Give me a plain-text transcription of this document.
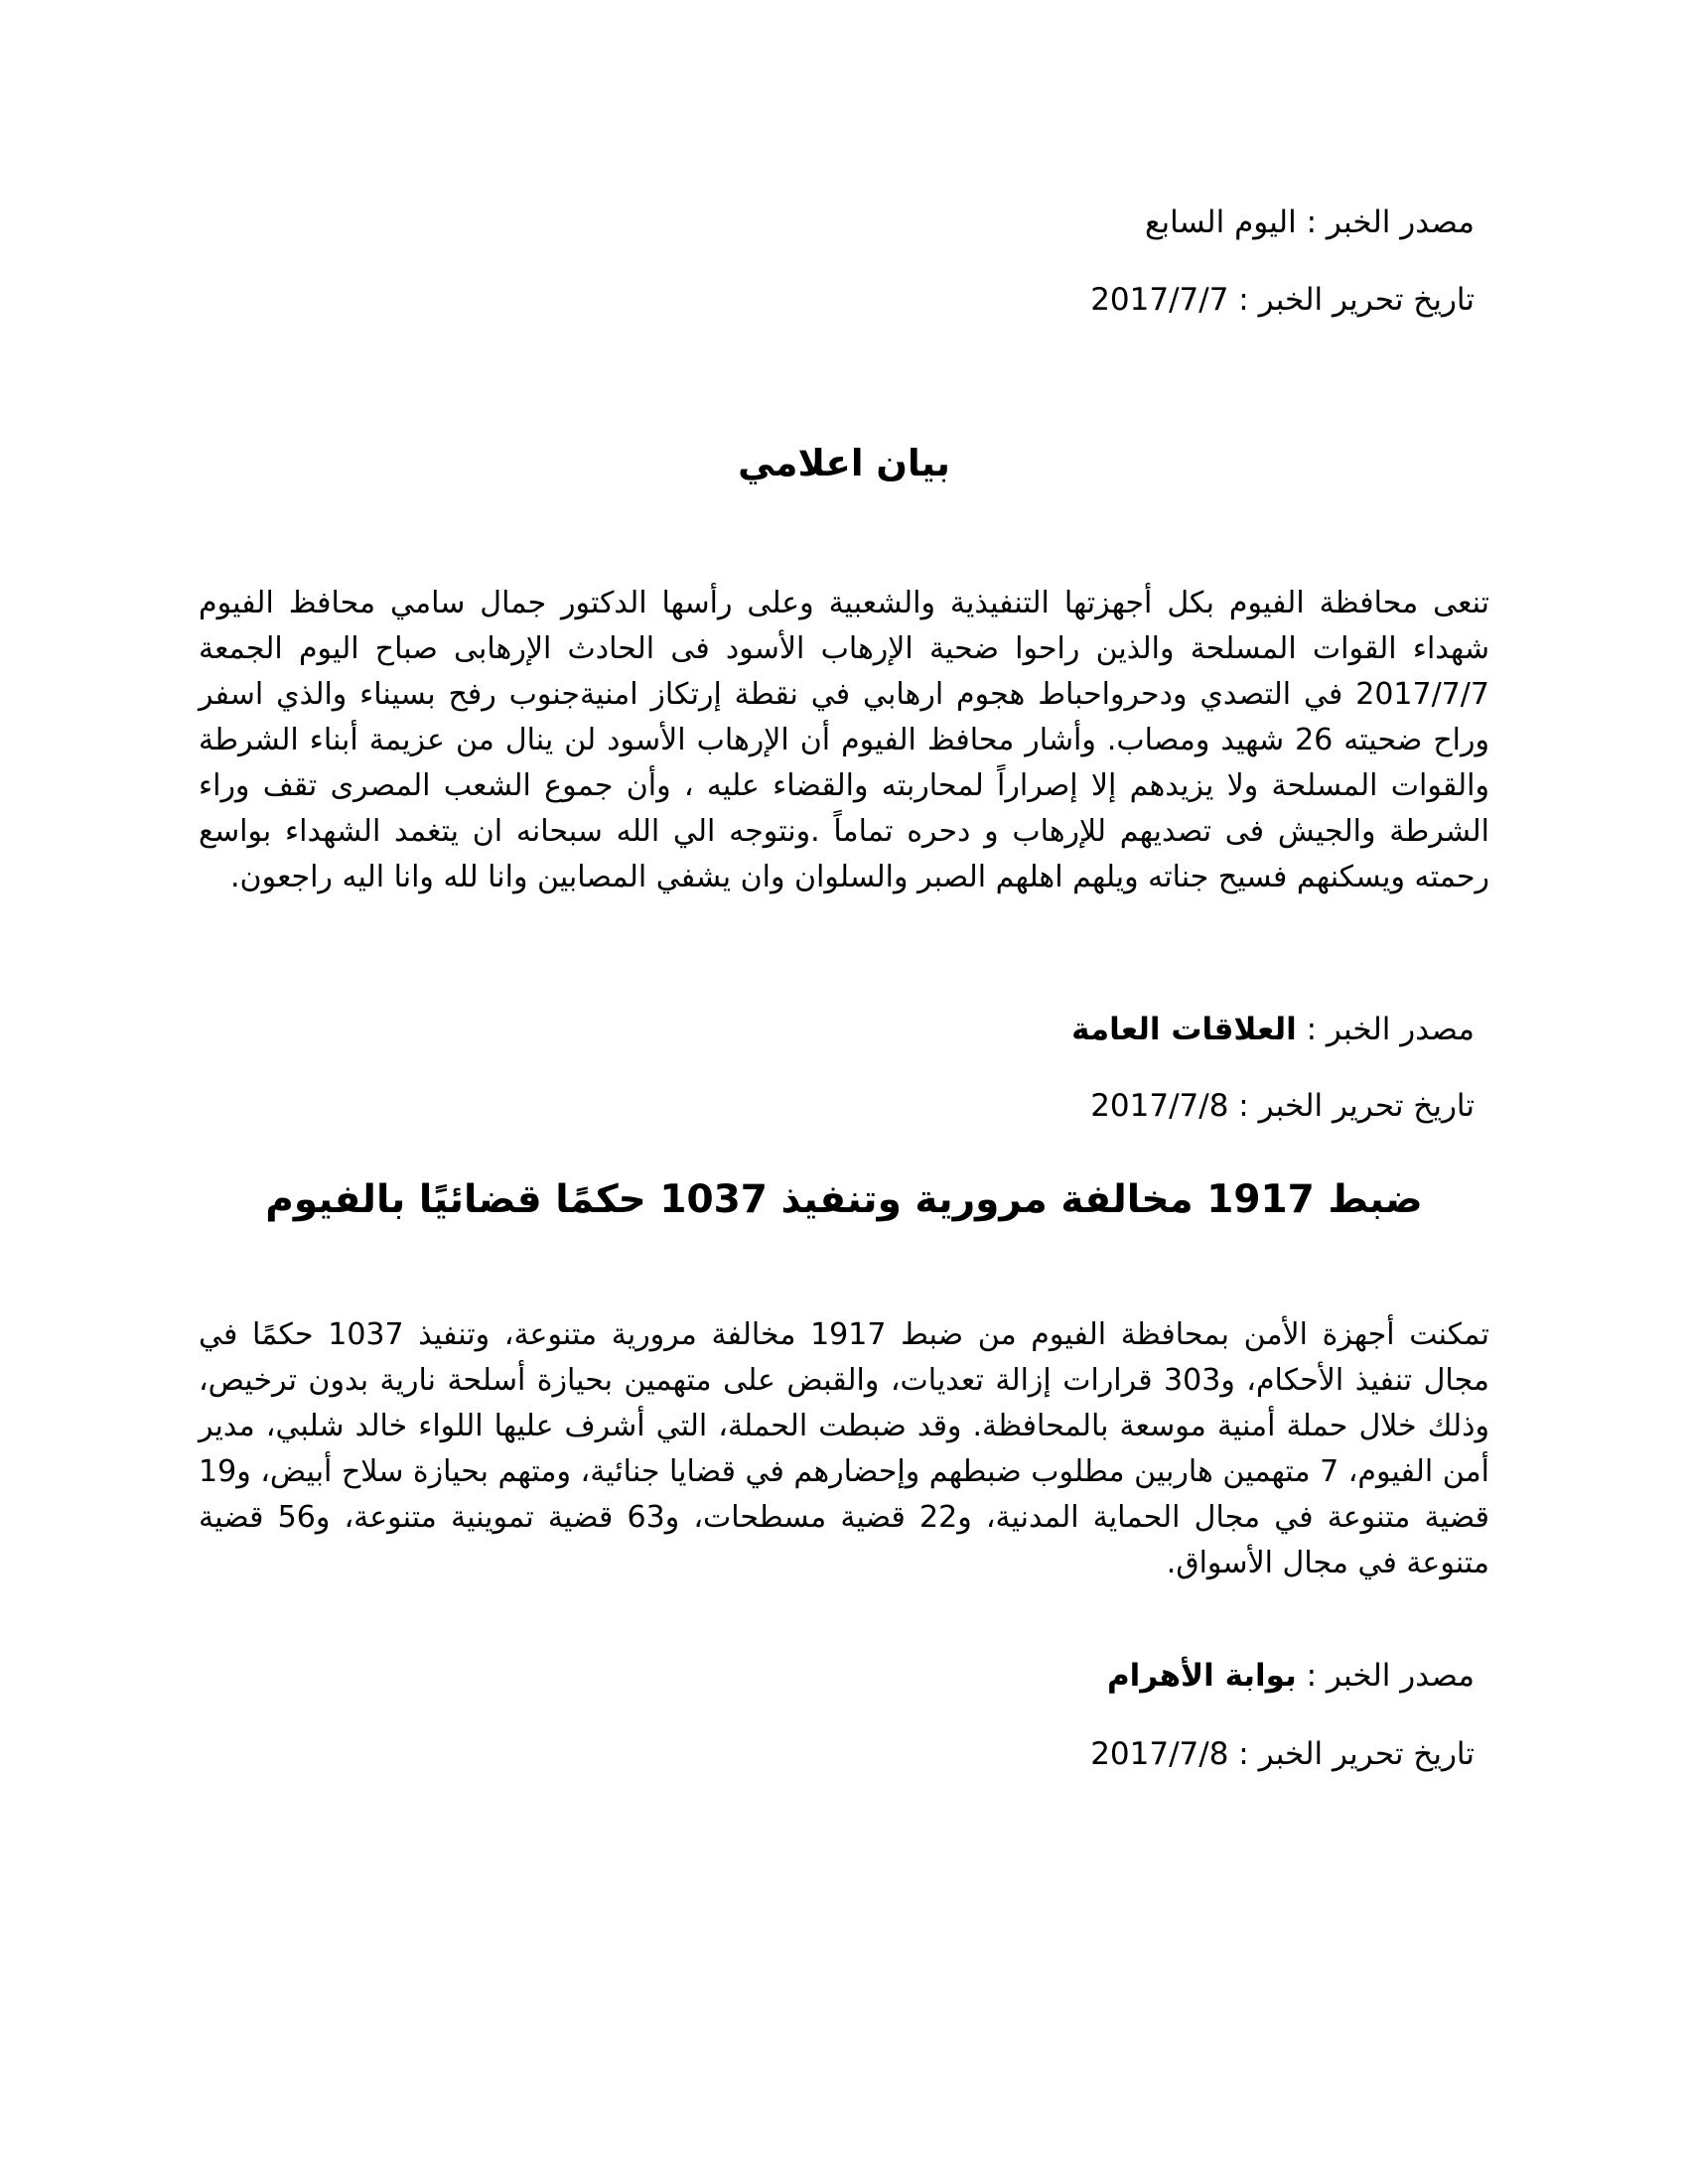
مصدر الخبر : اليوم السابع
تاريخ تحرير الخبر : 2017/7/7
بيان اعلامي
تنعى محافظة الفيوم بكل أجهزتها التنفيذية والشعبية وعلى رأسها الدكتور جمال سامي محافظ الفيوم شهداء القوات المسلحة والذين راحوا ضحية الإرهاب الأسود فى الحادث الإرهابى صباح اليوم الجمعة 2017/7/7 في التصدي ودحرواحباط هجوم ارهابي في نقطة إرتكاز امنيةجنوب رفح بسيناء والذي اسفر وراح ضحيته 26 شهيد ومصاب. وأشار محافظ الفيوم أن الإرهاب الأسود لن ينال من عزيمة أبناء الشرطة والقوات المسلحة ولا يزيدهم إلا إصراراً لمحاربته والقضاء عليه ، وأن جموع الشعب المصرى تقف وراء الشرطة والجيش فى تصديهم للإرهاب و دحره تماماً .ونتوجه الي الله سبحانه ان يتغمد الشهداء بواسع رحمته ويسكنهم فسيح جناته ويلهم اهلهم الصبر والسلوان وان يشفي المصابين وانا لله وانا اليه راجعون.
مصدر الخبر : العلاقات العامة
تاريخ تحرير الخبر : 2017/7/8
ضبط 1917 مخالفة مرورية وتنفيذ 1037 حكمًا قضائيًا بالفيوم
تمكنت أجهزة الأمن بمحافظة الفيوم من ضبط 1917 مخالفة مرورية متنوعة، وتنفيذ 1037 حكمًا في مجال تنفيذ الأحكام، و303 قرارات إزالة تعديات، والقبض على متهمين بحيازة أسلحة نارية بدون ترخيص، وذلك خلال حملة أمنية موسعة بالمحافظة. وقد ضبطت الحملة، التي أشرف عليها اللواء خالد شلبي، مدير أمن الفيوم، 7 متهمين هاربين مطلوب ضبطهم وإحضارهم في قضايا جنائية، ومتهم بحيازة سلاح أبيض، و19 قضية متنوعة في مجال الحماية المدنية، و22 قضية مسطحات، و63 قضية تموينية متنوعة، و56 قضية متنوعة في مجال الأسواق.
مصدر الخبر : بوابة الأهرام
تاريخ تحرير الخبر : 2017/7/8
